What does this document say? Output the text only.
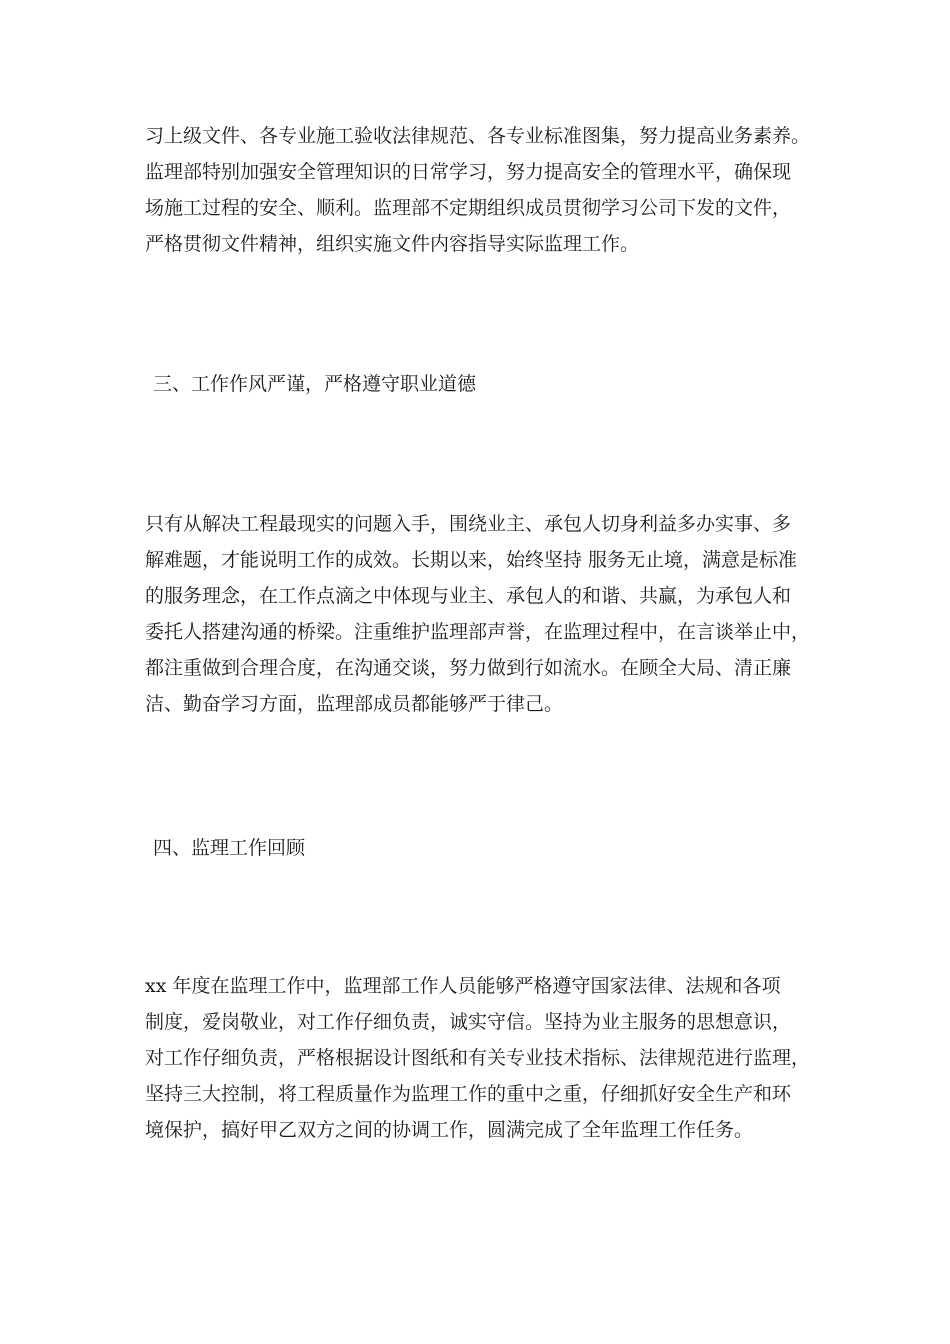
习上级文件、各专业施工验收法律规范、各专业标准图集，努力提高业务素养。
监理部特别加强安全管理知识的日常学习，努力提高安全的管理水平，确保现
场施工过程的安全、顺利。监理部不定期组织成员贯彻学习公司下发的文件，
严格贯彻文件精神，组织实施文件内容指导实际监理工作。
三、工作作风严谨，严格遵守职业道德
只有从解决工程最现实的问题入手，围绕业主、承包人切身利益多办实事、多
解难题，才能说明工作的成效。长期以来，始终坚持 服务无止境，满意是标准
的服务理念，在工作点滴之中体现与业主、承包人的和谐、共赢，为承包人和
委托人搭建沟通的桥梁。注重维护监理部声誉，在监理过程中，在言谈举止中，
都注重做到合理合度，在沟通交谈，努力做到行如流水。在顾全大局、清正廉
洁、勤奋学习方面，监理部成员都能够严于律己。
四、监理工作回顾
xx 年度在监理工作中，监理部工作人员能够严格遵守国家法律、法规和各项
制度，爱岗敬业，对工作仔细负责，诚实守信。坚持为业主服务的思想意识，
对工作仔细负责，严格根据设计图纸和有关专业技术指标、法律规范进行监理，
坚持三大控制，将工程质量作为监理工作的重中之重，仔细抓好安全生产和环
境保护，搞好甲乙双方之间的协调工作，圆满完成了全年监理工作任务。
